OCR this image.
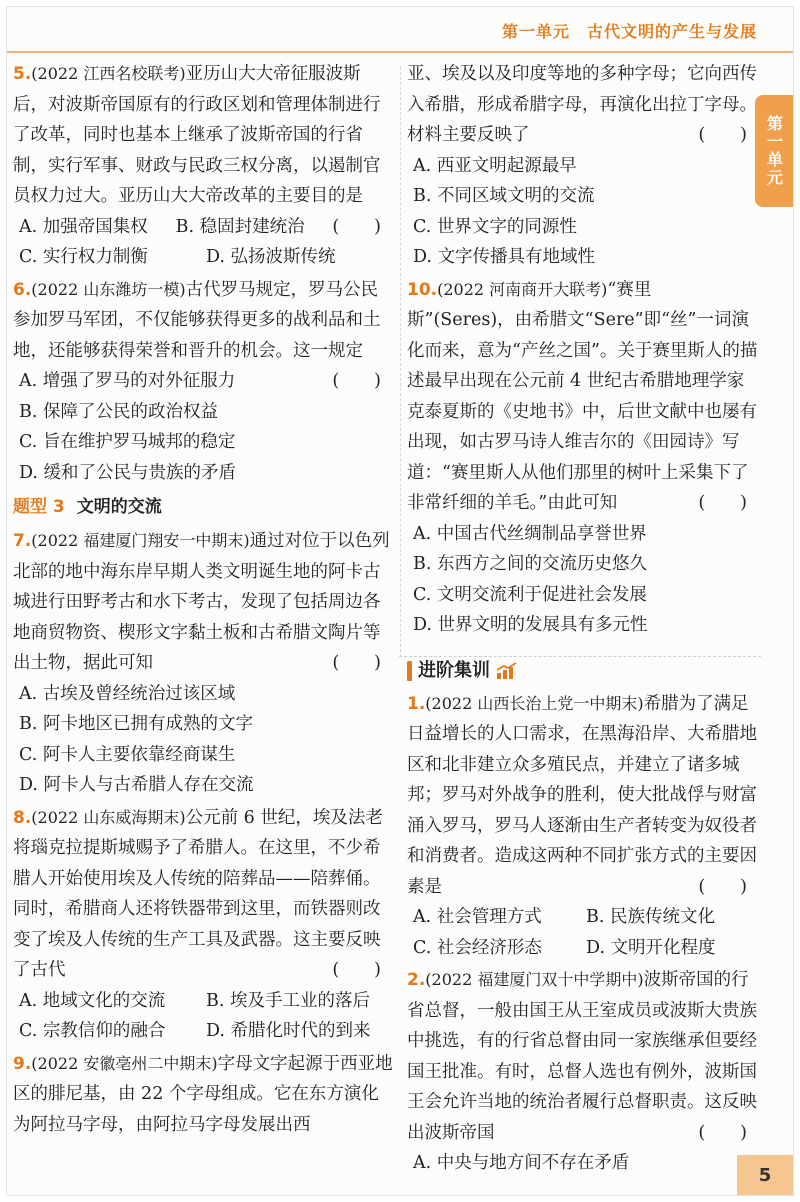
第一单元　古代文明的产生与发展
第一单元
5.(2022 江西名校联考)亚历山大大帝征服波斯后，对波斯帝国原有的行政区划和管理体制进行了改革，同时也基本上继承了波斯帝国的行省制，实行军事、财政与民政三权分离，以遏制官员权力过大。亚历山大大帝改革的主要目的是
(　　)
A. 加强帝国集权	B. 稳固封建统治
C. 实行权力制衡	D. 弘扬波斯传统
6.(2022 山东潍坊一模)古代罗马规定，罗马公民参加罗马军团，不仅能够获得更多的战利品和土地，还能够获得荣誉和晋升的机会。这一规定
(　　)
A. 增强了罗马的对外征服力
B. 保障了公民的政治权益
C. 旨在维护罗马城邦的稳定
D. 缓和了公民与贵族的矛盾
题型 3 文明的交流
7.(2022 福建厦门翔安一中期末)通过对位于以色列北部的地中海东岸早期人类文明诞生地的阿卡古城进行田野考古和水下考古，发现了包括周边各地商贸物资、楔形文字黏土板和古希腊文陶片等出土物，据此可知	(　　)
A. 古埃及曾经统治过该区域
B. 阿卡地区已拥有成熟的文字
C. 阿卡人主要依靠经商谋生
D. 阿卡人与古希腊人存在交流
8.(2022 山东威海期末)公元前 6 世纪，埃及法老将瑙克拉提斯城赐予了希腊人。在这里，不少希腊人开始使用埃及人传统的陪葬品——陪葬俑。同时，希腊商人还将铁器带到这里，而铁器则改变了埃及人传统的生产工具及武器。这主要反映了古代	(　　)
A. 地域文化的交流	B. 埃及手工业的落后
C. 宗教信仰的融合	D. 希腊化时代的到来
9.(2022 安徽亳州二中期末)字母文字起源于西亚地区的腓尼基，由 22 个字母组成。它在东方演化为阿拉马字母，由阿拉马字母发展出西
亚、埃及以及印度等地的多种字母；它向西传入希腊，形成希腊字母，再演化出拉丁字母。材料主要反映了	(　　)
A. 西亚文明起源最早
B. 不同区域文明的交流
C. 世界文字的同源性
D. 文字传播具有地域性
10.(2022 河南商开大联考)“赛里斯”(Seres)，由希腊文“Sere”即“丝”一词演化而来，意为“产丝之国”。关于赛里斯人的描述最早出现在公元前 4 世纪古希腊地理学家克泰夏斯的《史地书》中，后世文献中也屡有出现，如古罗马诗人维吉尔的《田园诗》写道：“赛里斯人从他们那里的树叶上采集下了非常纤细的羊毛。”由此可知	(　　)
A. 中国古代丝绸制品享誉世界
B. 东西方之间的交流历史悠久
C. 文明交流利于促进社会发展
D. 世界文明的发展具有多元性
进阶集训
1.(2022 山西长治上党一中期末)希腊为了满足日益增长的人口需求，在黑海沿岸、大希腊地区和北非建立众多殖民点，并建立了诸多城邦；罗马对外战争的胜利，使大批战俘与财富涌入罗马，罗马人逐渐由生产者转变为奴役者和消费者。造成这两种不同扩张方式的主要因素是	(　　)
A. 社会管理方式	B. 民族传统文化
C. 社会经济形态	D. 文明开化程度
2.(2022 福建厦门双十中学期中)波斯帝国的行省总督，一般由国王从王室成员或波斯大贵族中挑选，有的行省总督由同一家族继承但要经国王批准。有时，总督人选也有例外，波斯国王会允许当地的统治者履行总督职责。这反映出波斯帝国	(　　)
A. 中央与地方间不存在矛盾
5
